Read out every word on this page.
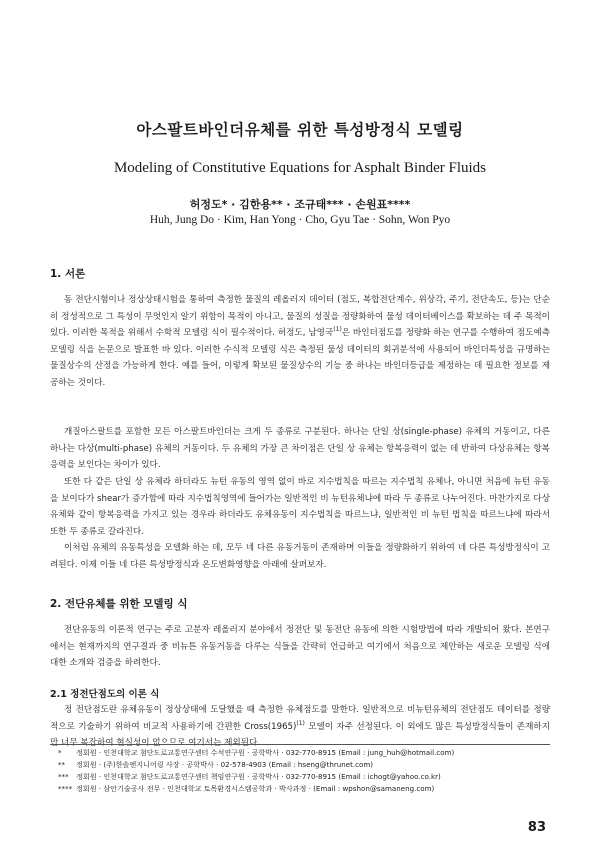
아스팔트바인더유체를 위한 특성방정식 모델링
Modeling of Constitutive Equations for Asphalt Binder Fluids
허정도* · 김한용** · 조규태*** · 손원표****
Huh, Jung Do · Kim, Han Yong · Cho, Gyu Tae · Sohn, Won Pyo
1. 서론

동 전단시험이나 정상상태시험을 통하여 측정한 물질의 레올러지 데이터 (점도, 복합전단계수, 위상각, 주기, 전단속도, 등)는 단순히 정성적으로 그 특성이 무엇인지 알기 위함이 목적이 아니고, 물질의 성질을 정량화하여 물성 데이터베이스를 확보하는 데 주 목적이 있다. 이러한 목적을 위해서 수학적 모델링 식이 필수적이다. 허정도, 남영국$^{(1)}$은 바인더점도를 정량화 하는 연구를 수행하여 점도예측 모델링 식을 논문으로 발표한 바 있다. 이러한 수식적 모델링 식은 측정된 물성 데이터의 회귀분석에 사용되어 바인더특성을 규명하는 물질상수의 산정을 가능하게 한다. 예를 들어, 이렇게 확보된 물질상수의 기능 중 하나는 바인더등급을 제정하는 데 필요한 정보를 제공하는 것이다.

개질아스팔트를 포함한 모든 아스팔트바인더는 크게 두 종류로 구분된다. 하나는 단일 상(single-phase) 유체의 거동이고, 다른 하나는 다상(multi-phase) 유체의 거동이다. 두 유체의 가장 큰 차이점은 단일 상 유체는 항복응력이 없는 데 반하여 다상유체는 항복응력을 보인다는 차이가 있다.

또한 다 같은 단일 상 유체라 하더라도 뉴턴 유동의 영역 없이 바로 지수법칙을 따르는 지수법칙 유체나, 아니면 처음에 뉴턴 유동을 보이다가 shear가 증가함에 따라 지수법칙영역에 들어가는 일반적인 비 뉴턴유체냐에 따라 두 종류로 나누어진다. 마찬가지로 다상유체와 같이 항복응력을 가지고 있는 경우라 하더라도 유체유동이 지수법칙을 따르느냐, 일반적인 비 뉴턴 법칙을 따르느냐에 따라서 또한 두 종류로 갈라진다.

이처럼 유체의 유동특성을 모델화 하는 데, 모두 네 다른 유동거동이 존재하며 이들을 정량화하기 위하여 네 다른 특성방정식이 고려된다. 이제 이들 네 다른 특성방정식과 온도변화영향을 아래에 살펴보자.

2. 전단유체를 위한 모델링 식

전단유동의 이론적 연구는 주로 고분자 레올러지 분야에서 정전단 및 동전단 유동에 의한 시험방법에 따라 개발되어 왔다. 본연구에서는 현재까지의 연구결과 중 비뉴튼 유동거동을 다루는 식들을 간략히 언급하고 여기에서 처음으로 제안하는 새로운 모델링 식에 대한 소개와 검증을 하려한다.

2.1 정전단점도의 이론 식

정 전단점도란 유체유동이 정상상태에 도달했을 때 측정한 유체점도를 말한다. 일반적으로 비뉴턴유체의 전단점도 데이터를 정량적으로 기술하기 위하여 비교적 사용하기에 간편한 $Cross(1965)^{(1)}$ 모델이 자주 선정된다. 이 외에도 많은 특성방정식들이 존재하지만 너무 복잡하여 현실성이 없으므로 여기서는 제외된다.

* 정회원 · 인천대학교 첨단도로교통연구센터 수석연구원 · 공학박사 · 032-770-8915 (Email : jung_huh@hotmail.com)
** 정회원 · (주)한솔엔지니어링 사장 · 공학박사 · 02-578-4903 (Email : hseng@thrunet.com)
*** 정회원 · 인천대학교 첨단도로교통연구센터 책임연구원 · 공학박사 · 032-770-8915 (Email : ichogt@yahoo.co.kr)
**** 정회원 · 삼안기술공사 전무 · 인천대학교 토목환경시스템공학과 · 박사과정 · (Email : wpshon@samaneng.com)
83
